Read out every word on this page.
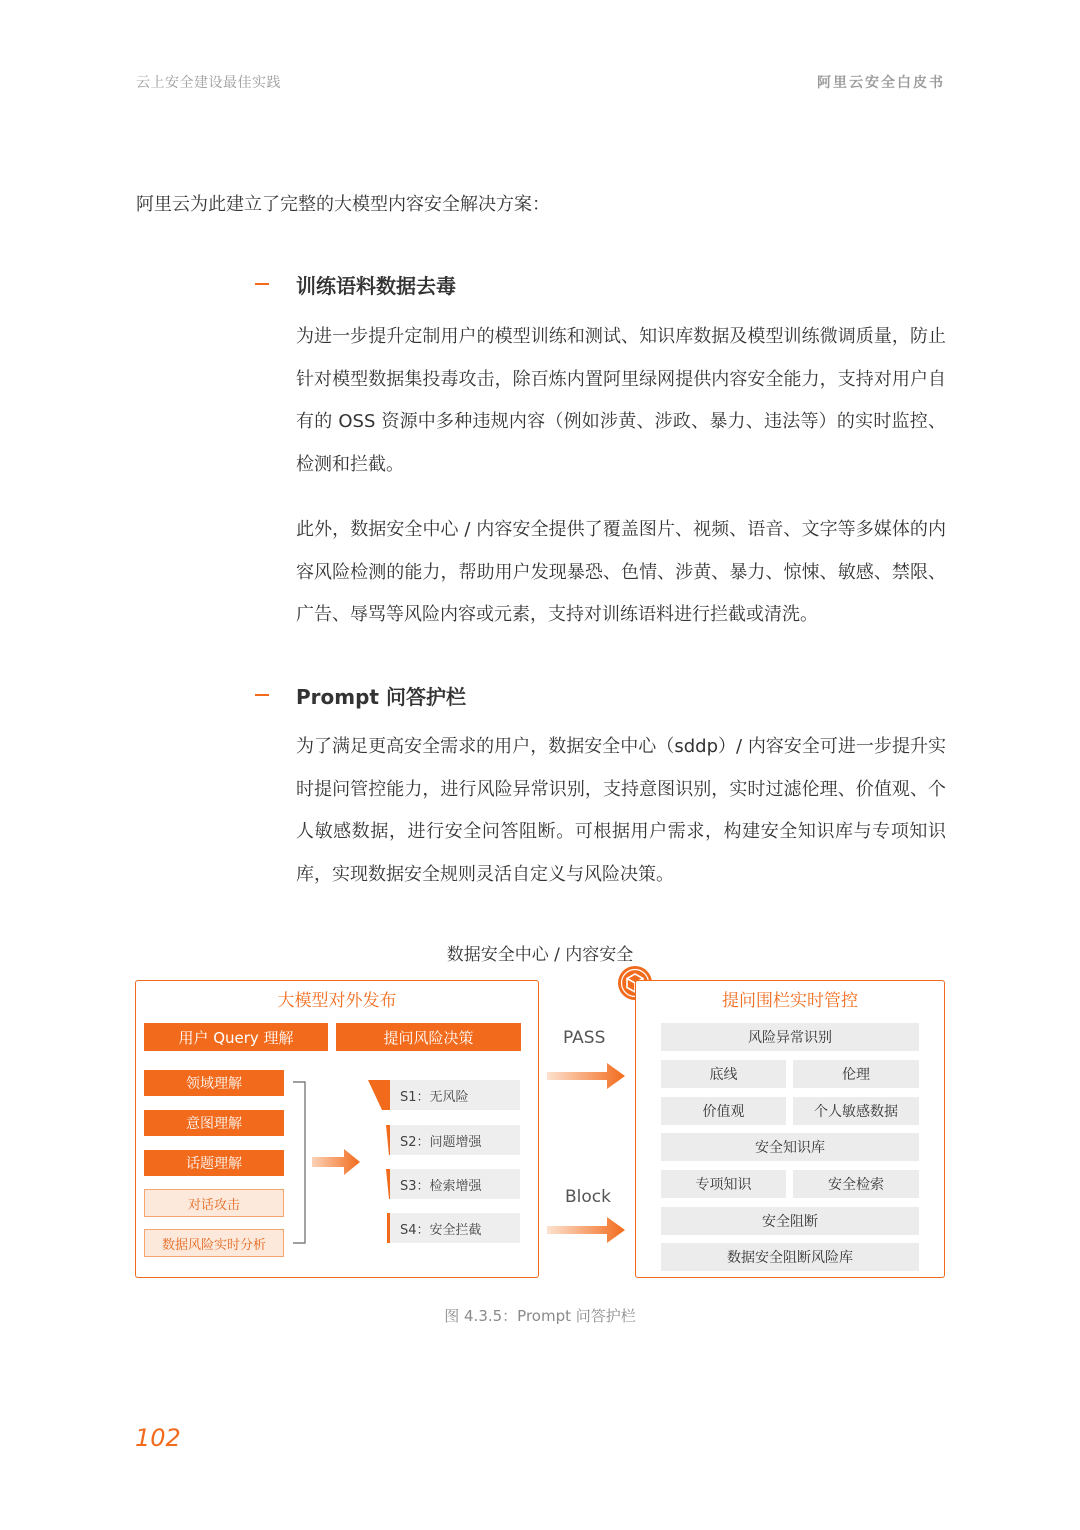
云上安全建设最佳实践	阿里云安全白皮书
阿里云为此建立了完整的大模型内容安全解决方案：
训练语料数据去毒

为进一步提升定制用户的模型训练和测试、知识库数据及模型训练微调质量，防止针对模型数据集投毒攻击，除百炼内置阿里绿网提供内容安全能力，支持对用户自有的 OSS 资源中多种违规内容（例如涉黄、涉政、暴力、违法等）的实时监控、检测和拦截。

此外，数据安全中心 / 内容安全提供了覆盖图片、视频、语音、文字等多媒体的内容风险检测的能力，帮助用户发现暴恐、色情、涉黄、暴力、惊悚、敏感、禁限、广告、辱骂等风险内容或元素，支持对训练语料进行拦截或清洗。

Prompt 问答护栏

为了满足更高安全需求的用户，数据安全中心（sddp）/ 内容安全可进一步提升实时提问管控能力，进行风险异常识别，支持意图识别，实时过滤伦理、价值观、个人敏感数据，进行安全问答阻断。可根据用户需求，构建安全知识库与专项知识库，实现数据安全规则灵活自定义与风险决策。

数据安全中心 / 内容安全
大模型对外发布
用户 Query 理解	提问风险决策
领域理解
意图理解
话题理解
对话攻击
数据风险实时分析
S1：无风险
S2：问题增强
S3：检索增强
S4：安全拦截
PASS
Block
提问围栏实时管控
风险异常识别
底线	伦理
价值观	个人敏感数据
安全知识库
专项知识	安全检索
安全阻断
数据安全阻断风险库
图 4.3.5：Prompt 问答护栏
102
